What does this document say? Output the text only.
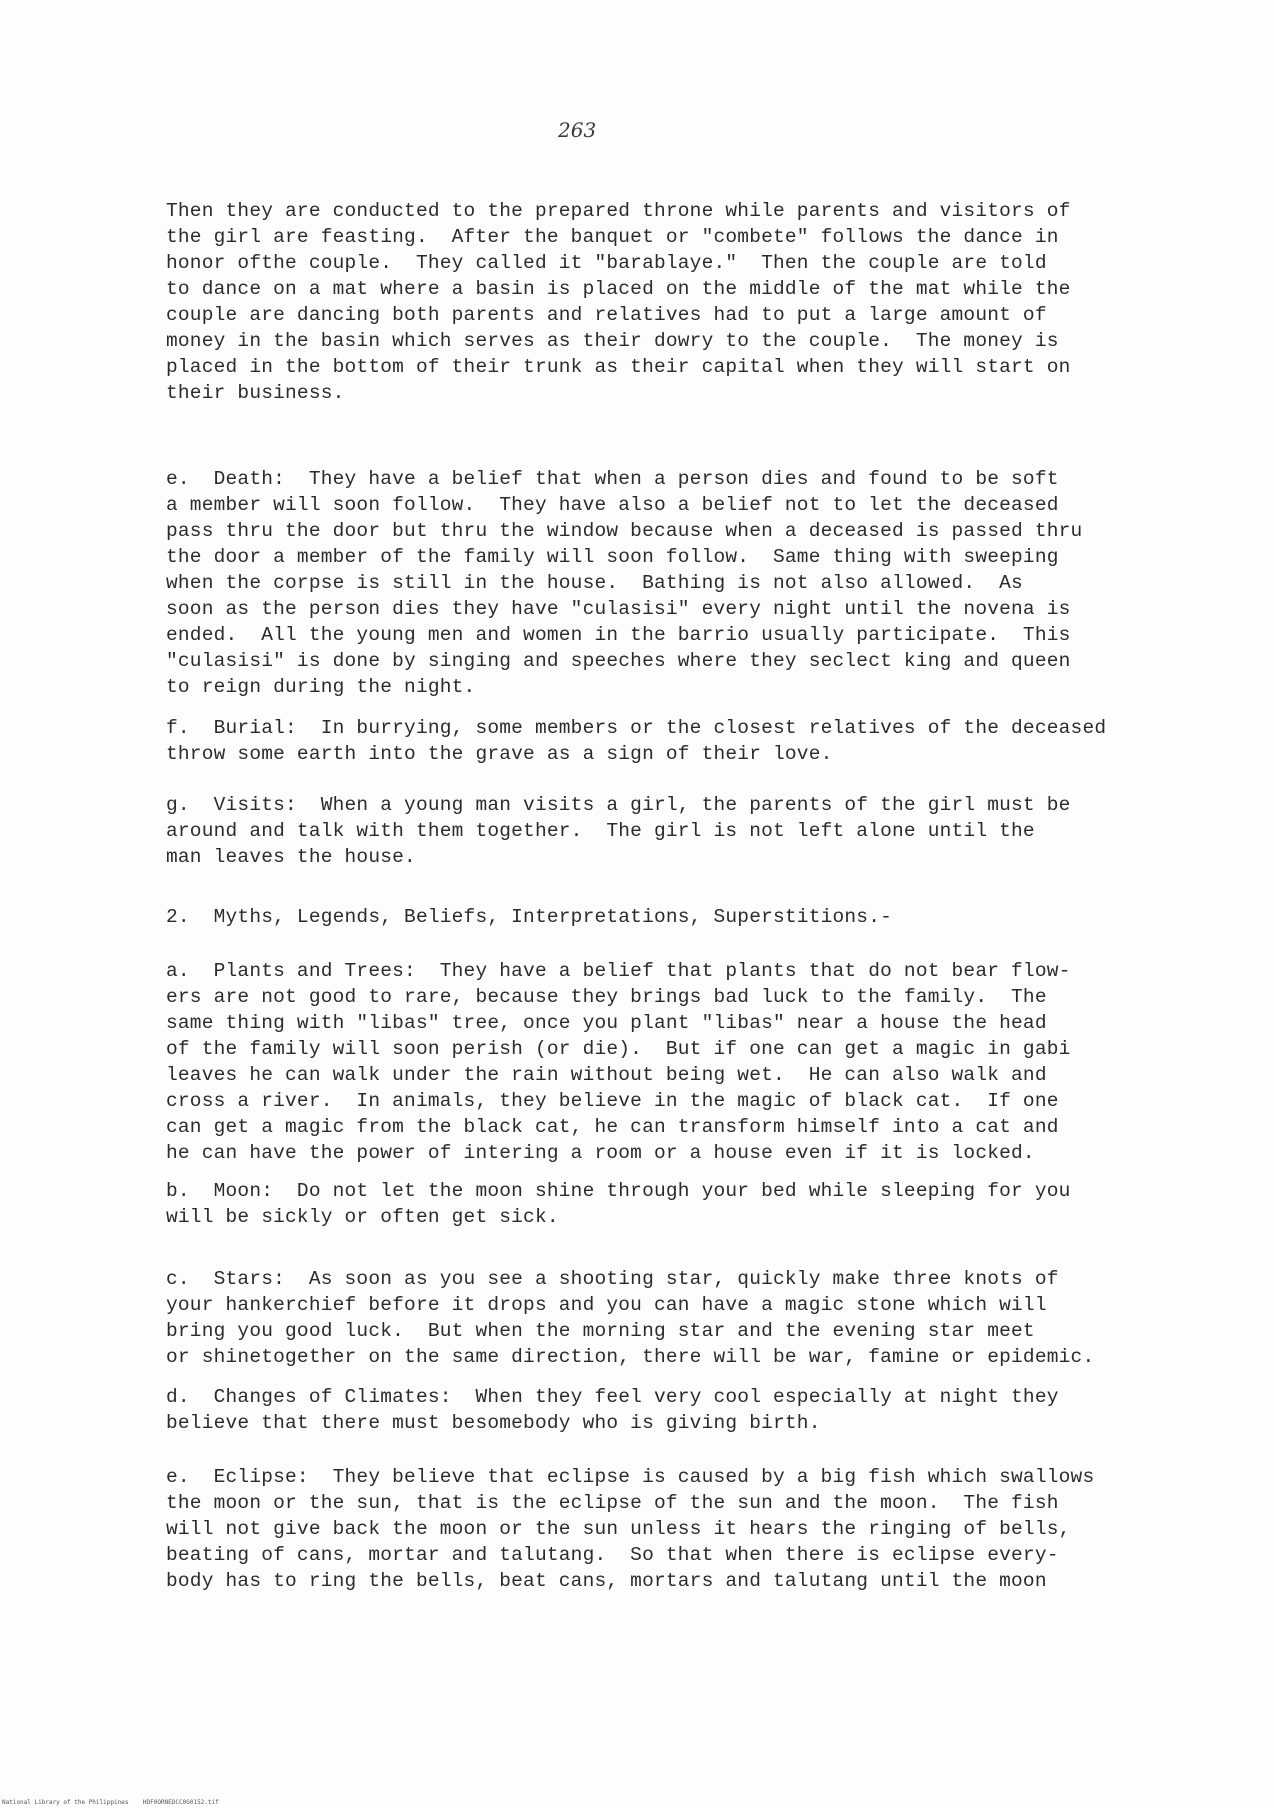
263

Then they are conducted to the prepared throne while parents and visitors of
the girl are feasting.  After the banquet or "combete" follows the dance in
honor ofthe couple.  They called it "barablaye."  Then the couple are told
to dance on a mat where a basin is placed on the middle of the mat while the
couple are dancing both parents and relatives had to put a large amount of
money in the basin which serves as their dowry to the couple.  The money is
placed in the bottom of their trunk as their capital when they will start on
their business.

e.  Death:  They have a belief that when a person dies and found to be soft
a member will soon follow.  They have also a belief not to let the deceased
pass thru the door but thru the window because when a deceased is passed thru
the door a member of the family will soon follow.  Same thing with sweeping
when the corpse is still in the house.  Bathing is not also allowed.  As
soon as the person dies they have "culasisi" every night until the novena is
ended.  All the young men and women in the barrio usually participate.  This
"culasisi" is done by singing and speeches where they seclect king and queen
to reign during the night.

f.  Burial:  In burrying, some members or the closest relatives of the deceased
throw some earth into the grave as a sign of their love.

g.  Visits:  When a young man visits a girl, the parents of the girl must be
around and talk with them together.  The girl is not left alone until the
man leaves the house.

2.  Myths, Legends, Beliefs, Interpretations, Superstitions.-

a.  Plants and Trees:  They have a belief that plants that do not bear flow-
ers are not good to rare, because they brings bad luck to the family.  The
same thing with "libas" tree, once you plant "libas" near a house the head
of the family will soon perish (or die).  But if one can get a magic in gabi
leaves he can walk under the rain without being wet.  He can also walk and
cross a river.  In animals, they believe in the magic of black cat.  If one
can get a magic from the black cat, he can transform himself into a cat and
he can have the power of intering a room or a house even if it is locked.

b.  Moon:  Do not let the moon shine through your bed while sleeping for you
will be sickly or often get sick.

c.  Stars:  As soon as you see a shooting star, quickly make three knots of
your hankerchief before it drops and you can have a magic stone which will
bring you good luck.  But when the morning star and the evening star meet
or shinetogether on the same direction, there will be war, famine or epidemic.

d.  Changes of Climates:  When they feel very cool especially at night they
believe that there must besomebody who is giving birth.

e.  Eclipse:  They believe that eclipse is caused by a big fish which swallows
the moon or the sun, that is the eclipse of the sun and the moon.  The fish
will not give back the moon or the sun unless it hears the ringing of bells,
beating of cans, mortar and talutang.  So that when there is eclipse every-
body has to ring the bells, beat cans, mortars and talutang until the moon

National Library of the Philippines    HDF0ORNEDCC0G0152.tif
